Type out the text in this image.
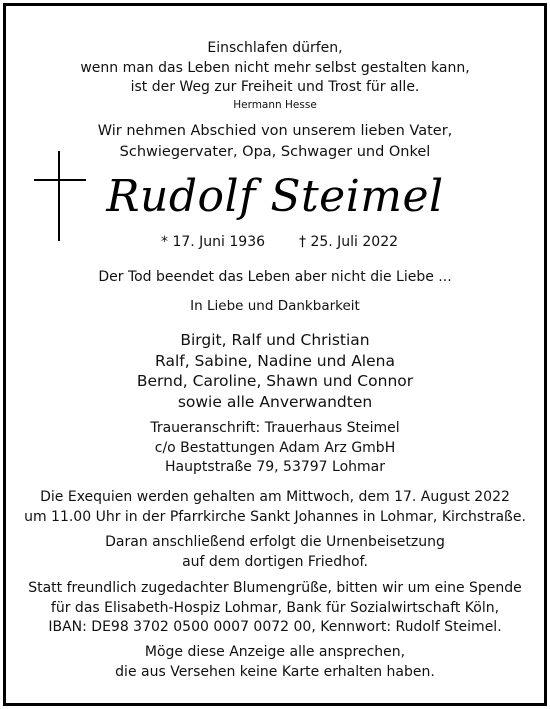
Einschlafen dürfen,
wenn man das Leben nicht mehr selbst gestalten kann,
ist der Weg zur Freiheit und Trost für alle.
Hermann Hesse
Wir nehmen Abschied von unserem lieben Vater,
Schwiegervater, Opa, Schwager und Onkel
Rudolf Steimel
* 17. Juni 1936 † 25. Juli 2022
Der Tod beendet das Leben aber nicht die Liebe ...
In Liebe und Dankbarkeit
Birgit, Ralf und Christian
Ralf, Sabine, Nadine und Alena
Bernd, Caroline, Shawn und Connor
sowie alle Anverwandten
Traueranschrift: Trauerhaus Steimel
c/o Bestattungen Adam Arz GmbH
Hauptstraße 79, 53797 Lohmar
Die Exequien werden gehalten am Mittwoch, dem 17. August 2022
um 11.00 Uhr in der Pfarrkirche Sankt Johannes in Lohmar, Kirchstraße.
Daran anschließend erfolgt die Urnenbeisetzung
auf dem dortigen Friedhof.
Statt freundlich zugedachter Blumengrüße, bitten wir um eine Spende
für das Elisabeth-Hospiz Lohmar, Bank für Sozialwirtschaft Köln,
IBAN: DE98 3702 0500 0007 0072 00, Kennwort: Rudolf Steimel.
Möge diese Anzeige alle ansprechen,
die aus Versehen keine Karte erhalten haben.
